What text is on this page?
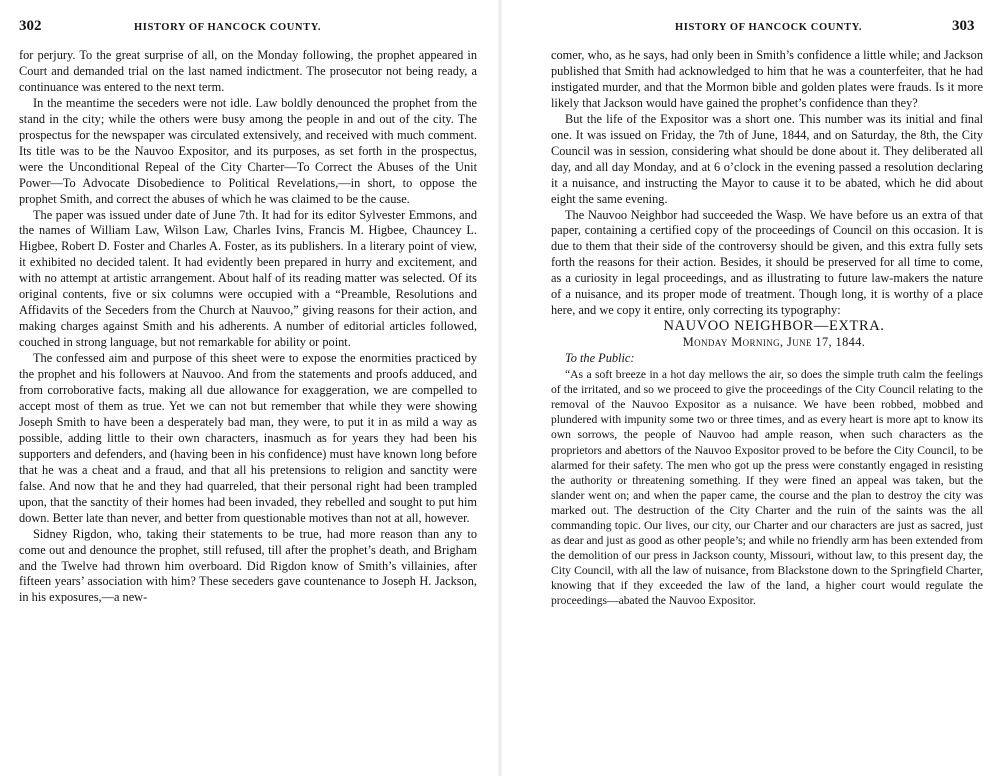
302	HISTORY OF HANCOCK COUNTY.

for perjury. To the great surprise of all, on the Monday following, the prophet appeared in Court and demanded trial on the last named indictment. The prosecutor not being ready, a continuance was entered to the next term.

In the meantime the seceders were not idle. Law boldly denounced the prophet from the stand in the city; while the others were busy among the people in and out of the city. The prospectus for the newspaper was circulated extensively, and received with much comment. Its title was to be the Nauvoo Expositor, and its purposes, as set forth in the prospectus, were the Unconditional Repeal of the City Charter—To Correct the Abuses of the Unit Power—To Advocate Disobedience to Political Revelations,—in short, to oppose the prophet Smith, and correct the abuses of which he was claimed to be the cause.

The paper was issued under date of June 7th. It had for its editor Sylvester Emmons, and the names of William Law, Wilson Law, Charles Ivins, Francis M. Higbee, Chauncey L. Higbee, Robert D. Foster and Charles A. Foster, as its publishers. In a literary point of view, it exhibited no decided talent. It had evidently been prepared in hurry and excitement, and with no attempt at artistic arrangement. About half of its reading matter was selected. Of its original contents, five or six columns were occupied with a “Preamble, Resolutions and Affidavits of the Seceders from the Church at Nauvoo,” giving reasons for their action, and making charges against Smith and his adherents. A number of editorial articles followed, couched in strong language, but not remarkable for ability or point.

The confessed aim and purpose of this sheet were to expose the enormities practiced by the prophet and his followers at Nauvoo. And from the statements and proofs adduced, and from corroborative facts, making all due allowance for exaggeration, we are compelled to accept most of them as true. Yet we can not but remember that while they were showing Joseph Smith to have been a desperately bad man, they were, to put it in as mild a way as possible, adding little to their own characters, inasmuch as for years they had been his supporters and defenders, and (having been in his confidence) must have known long before that he was a cheat and a fraud, and that all his pretensions to religion and sanctity were false. And now that he and they had quarreled, that their personal right had been trampled upon, that the sanctity of their homes had been invaded, they rebelled and sought to put him down. Better late than never, and better from questionable motives than not at all, however.

Sidney Rigdon, who, taking their statements to be true, had more reason than any to come out and denounce the prophet, still refused, till after the prophet’s death, and Brigham and the Twelve had thrown him overboard. Did Rigdon know of Smith’s villainies, after fifteen years’ association with him? These seceders gave countenance to Joseph H. Jackson, in his exposures,—a new-

HISTORY OF HANCOCK COUNTY.	303

comer, who, as he says, had only been in Smith’s confidence a little while; and Jackson published that Smith had acknowledged to him that he was a counterfeiter, that he had instigated murder, and that the Mormon bible and golden plates were frauds. Is it more likely that Jackson would have gained the prophet’s confidence than they?

But the life of the Expositor was a short one. This number was its initial and final one. It was issued on Friday, the 7th of June, 1844, and on Saturday, the 8th, the City Council was in session, considering what should be done about it. They deliberated all day, and all day Monday, and at 6 o’clock in the evening passed a resolution declaring it a nuisance, and instructing the Mayor to cause it to be abated, which he did about eight the same evening.

The Nauvoo Neighbor had succeeded the Wasp. We have before us an extra of that paper, containing a certified copy of the proceedings of Council on this occasion. It is due to them that their side of the controversy should be given, and this extra fully sets forth the reasons for their action. Besides, it should be preserved for all time to come, as a curiosity in legal proceedings, and as illustrating to future law-makers the nature of a nuisance, and its proper mode of treatment. Though long, it is worthy of a place here, and we copy it entire, only correcting its typography:

NAUVOO NEIGHBOR—EXTRA.

Monday Morning, June 17, 1844.

To the Public:

“As a soft breeze in a hot day mellows the air, so does the simple truth calm the feelings of the irritated, and so we proceed to give the proceedings of the City Council relating to the removal of the Nauvoo Expositor as a nuisance. We have been robbed, mobbed and plundered with impunity some two or three times, and as every heart is more apt to know its own sorrows, the people of Nauvoo had ample reason, when such characters as the proprietors and abettors of the Nauvoo Expositor proved to be before the City Council, to be alarmed for their safety. The men who got up the press were constantly engaged in resisting the authority or threatening something. If they were fined an appeal was taken, but the slander went on; and when the paper came, the course and the plan to destroy the city was marked out. The destruction of the City Charter and the ruin of the saints was the all commanding topic. Our lives, our city, our Charter and our characters are just as sacred, just as dear and just as good as other people’s; and while no friendly arm has been extended from the demolition of our press in Jackson county, Missouri, without law, to this present day, the City Council, with all the law of nuisance, from Blackstone down to the Springfield Charter, knowing that if they exceeded the law of the land, a higher court would regulate the proceedings—abated the Nauvoo Expositor.
